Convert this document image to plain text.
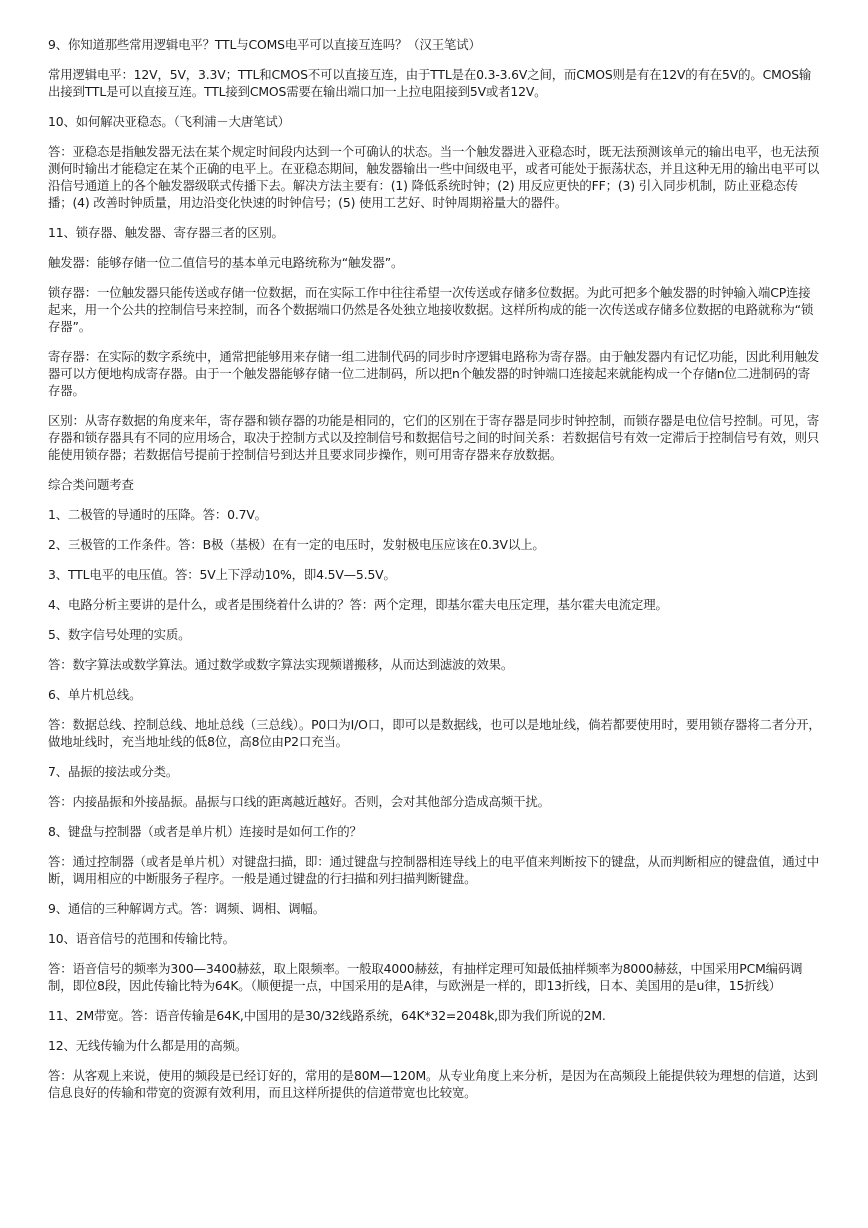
9、你知道那些常用逻辑电平？TTL与COMS电平可以直接互连吗？（汉王笔试）

常用逻辑电平：12V，5V，3.3V；TTL和CMOS不可以直接互连，由于TTL是在0.3-3.6V之间，而CMOS则是有在12V的有在5V的。CMOS输出接到TTL是可以直接互连。TTL接到CMOS需要在输出端口加一上拉电阻接到5V或者12V。

10、如何解决亚稳态。（飞利浦－大唐笔试）

答：亚稳态是指触发器无法在某个规定时间段内达到一个可确认的状态。当一个触发器进入亚稳态时，既无法预测该单元的输出电平，也无法预测何时输出才能稳定在某个正确的电平上。在亚稳态期间，触发器输出一些中间级电平，或者可能处于振荡状态，并且这种无用的输出电平可以沿信号通道上的各个触发器级联式传播下去。解决方法主要有：(1) 降低系统时钟；(2) 用反应更快的FF；(3) 引入同步机制，防止亚稳态传播；(4) 改善时钟质量，用边沿变化快速的时钟信号；(5) 使用工艺好、时钟周期裕量大的器件。

11、锁存器、触发器、寄存器三者的区别。

触发器：能够存储一位二值信号的基本单元电路统称为“触发器”。

锁存器：一位触发器只能传送或存储一位数据，而在实际工作中往往希望一次传送或存储多位数据。为此可把多个触发器的时钟输入端CP连接起来，用一个公共的控制信号来控制，而各个数据端口仍然是各处独立地接收数据。这样所构成的能一次传送或存储多位数据的电路就称为“锁存器”。

寄存器：在实际的数字系统中，通常把能够用来存储一组二进制代码的同步时序逻辑电路称为寄存器。由于触发器内有记忆功能，因此利用触发器可以方便地构成寄存器。由于一个触发器能够存储一位二进制码，所以把n个触发器的时钟端口连接起来就能构成一个存储n位二进制码的寄存器。

区别：从寄存数据的角度来年，寄存器和锁存器的功能是相同的，它们的区别在于寄存器是同步时钟控制，而锁存器是电位信号控制。可见，寄存器和锁存器具有不同的应用场合，取决于控制方式以及控制信号和数据信号之间的时间关系：若数据信号有效一定滞后于控制信号有效，则只能使用锁存器；若数据信号提前于控制信号到达并且要求同步操作，则可用寄存器来存放数据。

综合类问题考查

1、二极管的导通时的压降。答：0.7V。

2、三极管的工作条件。答：B极（基极）在有一定的电压时，发射极电压应该在0.3V以上。

3、TTL电平的电压值。答：5V上下浮动10%，即4.5V—5.5V。

4、电路分析主要讲的是什么，或者是围绕着什么讲的？答：两个定理，即基尔霍夫电压定理，基尔霍夫电流定理。

5、数字信号处理的实质。

答：数字算法或数学算法。通过数学或数字算法实现频谱搬移，从而达到滤波的效果。

6、单片机总线。

答：数据总线、控制总线、地址总线（三总线）。P0口为I/O口，即可以是数据线，也可以是地址线，倘若都要使用时，要用锁存器将二者分开，做地址线时，充当地址线的低8位，高8位由P2口充当。

7、晶振的接法或分类。

答：内接晶振和外接晶振。晶振与口线的距离越近越好。否则，会对其他部分造成高频干扰。

8、键盘与控制器（或者是单片机）连接时是如何工作的？

答：通过控制器（或者是单片机）对键盘扫描，即：通过键盘与控制器相连导线上的电平值来判断按下的键盘，从而判断相应的键盘值，通过中断，调用相应的中断服务子程序。一般是通过键盘的行扫描和列扫描判断键盘。

9、通信的三种解调方式。答：调频、调相、调幅。

10、语音信号的范围和传输比特。

答：语音信号的频率为300—3400赫兹，取上限频率。一般取4000赫兹，有抽样定理可知最低抽样频率为8000赫兹，中国采用PCM编码调制，即位8段，因此传输比特为64K。（顺便提一点，中国采用的是A律，与欧洲是一样的，即13折线，日本、美国用的是u律，15折线）

11、2M带宽。答：语音传输是64K,中国用的是30/32线路系统，64K*32=2048k,即为我们所说的2M.

12、无线传输为什么都是用的高频。

答：从客观上来说，使用的频段是已经订好的，常用的是80M—120M。从专业角度上来分析，是因为在高频段上能提供较为理想的信道，达到信息良好的传输和带宽的资源有效利用，而且这样所提供的信道带宽也比较宽。
